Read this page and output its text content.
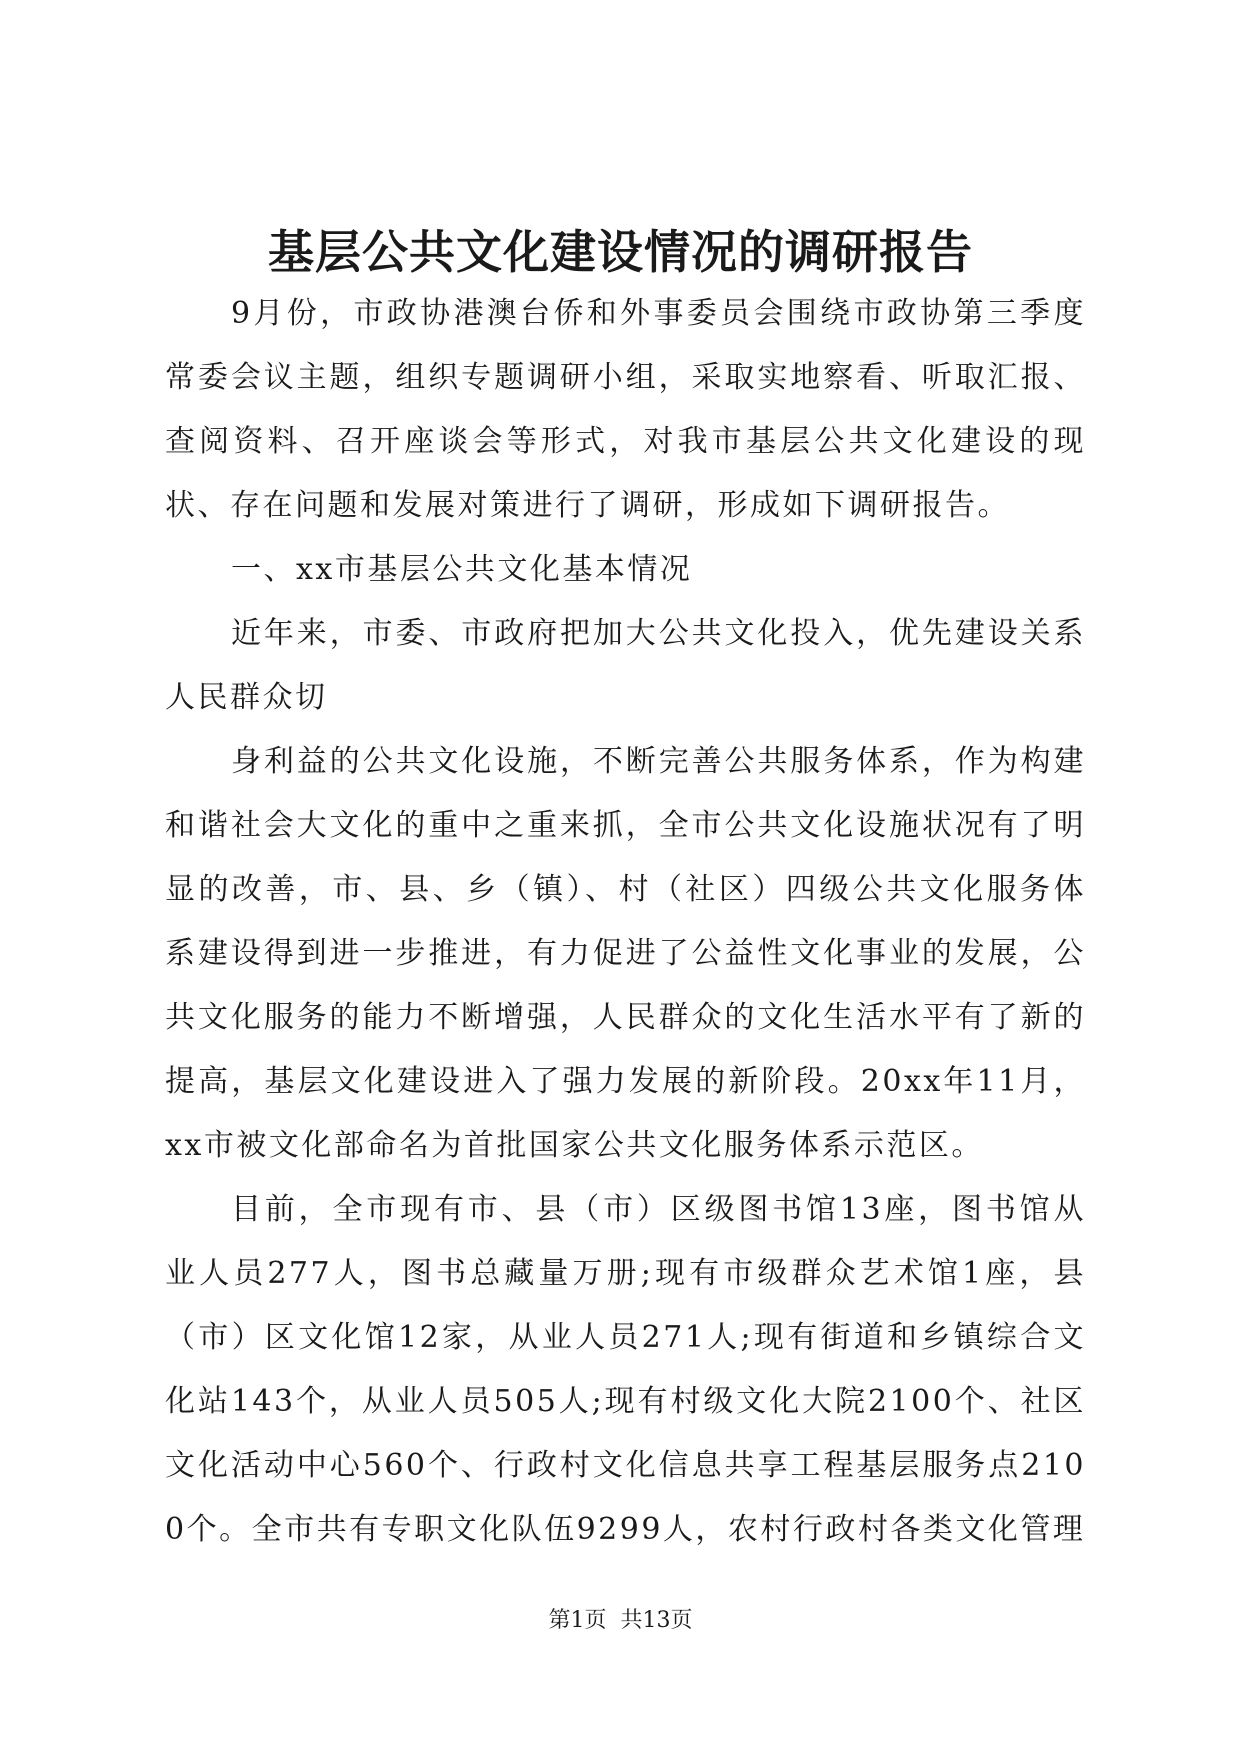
基层公共文化建设情况的调研报告

9月份，市政协港澳台侨和外事委员会围绕市政协第三季度常委会议主题，组织专题调研小组，采取实地察看、听取汇报、查阅资料、召开座谈会等形式，对我市基层公共文化建设的现状、存在问题和发展对策进行了调研，形成如下调研报告。

一、xx市基层公共文化基本情况

近年来，市委、市政府把加大公共文化投入，优先建设关系人民群众切

身利益的公共文化设施，不断完善公共服务体系，作为构建和谐社会大文化的重中之重来抓，全市公共文化设施状况有了明显的改善，市、县、乡（镇）、村（社区）四级公共文化服务体系建设得到进一步推进，有力促进了公益性文化事业的发展，公共文化服务的能力不断增强，人民群众的文化生活水平有了新的提高，基层文化建设进入了强力发展的新阶段。20xx年11月，xx市被文化部命名为首批国家公共文化服务体系示范区。

目前，全市现有市、县（市）区级图书馆13座，图书馆从业人员277人，图书总藏量万册;现有市级群众艺术馆1座，县（市）区文化馆12家，从业人员271人;现有街道和乡镇综合文化站143个，从业人员505人;现有村级文化大院2100个、社区文化活动中心560个、行政村文化信息共享工程基层服务点2100个。全市共有专职文化队伍9299人，农村行政村各类文化管理

第1页  共13页
